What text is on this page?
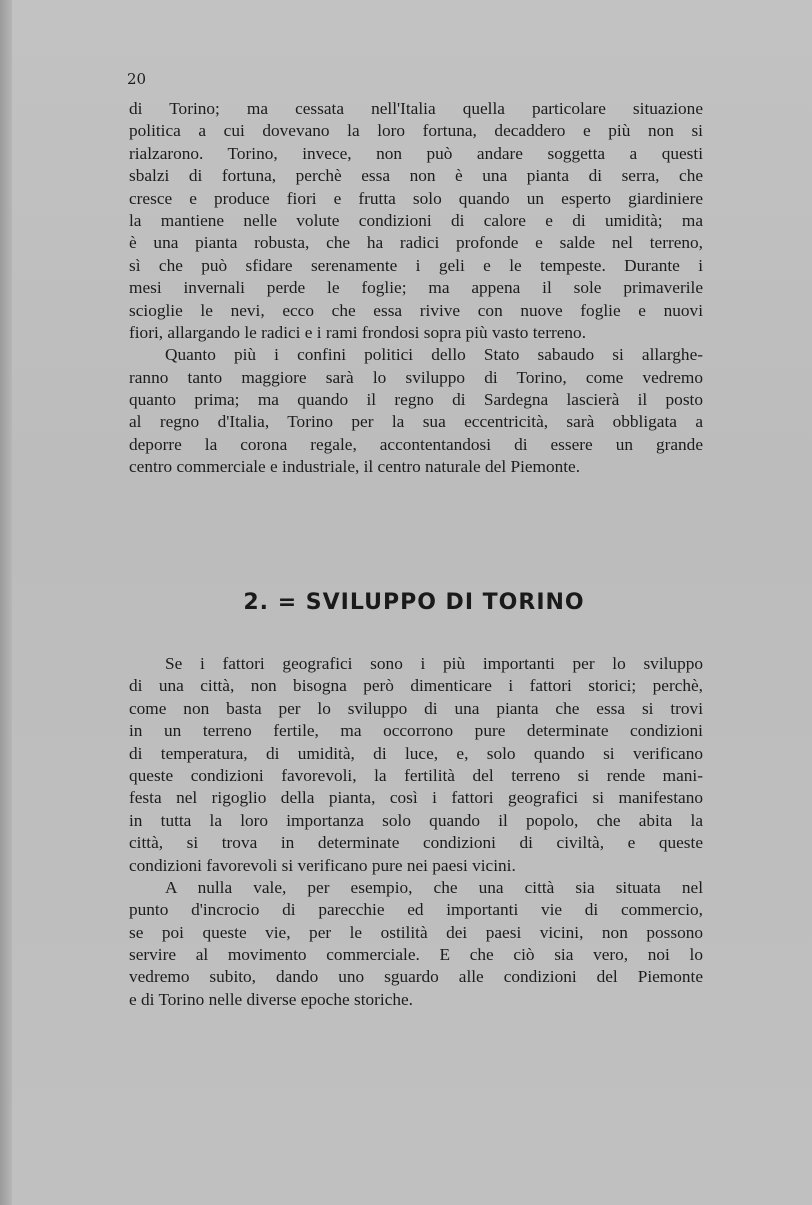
20
di Torino; ma cessata nell'Italia quella particolare situazione
politica a cui dovevano la loro fortuna, decaddero e più non si
rialzarono. Torino, invece, non può andare soggetta a questi
sbalzi di fortuna, perchè essa non è una pianta di serra, che
cresce e produce fiori e frutta solo quando un esperto giardiniere
la mantiene nelle volute condizioni di calore e di umidità; ma
è una pianta robusta, che ha radici profonde e salde nel terreno,
sì che può sfidare serenamente i geli e le tempeste. Durante i
mesi invernali perde le foglie; ma appena il sole primaverile
scioglie le nevi, ecco che essa rivive con nuove foglie e nuovi
fiori, allargando le radici e i rami frondosi sopra più vasto terreno.
Quanto più i confini politici dello Stato sabaudo si allarghe-
ranno tanto maggiore sarà lo sviluppo di Torino, come vedremo
quanto prima; ma quando il regno di Sardegna lascierà il posto
al regno d'Italia, Torino per la sua eccentricità, sarà obbligata a
deporre la corona regale, accontentandosi di essere un grande
centro commerciale e industriale, il centro naturale del Piemonte.
2. = SVILUPPO DI TORINO
Se i fattori geografici sono i più importanti per lo sviluppo
di una città, non bisogna però dimenticare i fattori storici; perchè,
come non basta per lo sviluppo di una pianta che essa si trovi
in un terreno fertile, ma occorrono pure determinate condizioni
di temperatura, di umidità, di luce, e, solo quando si verificano
queste condizioni favorevoli, la fertilità del terreno si rende mani-
festa nel rigoglio della pianta, così i fattori geografici si manifestano
in tutta la loro importanza solo quando il popolo, che abita la
città, si trova in determinate condizioni di civiltà, e queste
condizioni favorevoli si verificano pure nei paesi vicini.
A nulla vale, per esempio, che una città sia situata nel
punto d'incrocio di parecchie ed importanti vie di commercio,
se poi queste vie, per le ostilità dei paesi vicini, non possono
servire al movimento commerciale. E che ciò sia vero, noi lo
vedremo subito, dando uno sguardo alle condizioni del Piemonte
e di Torino nelle diverse epoche storiche.
